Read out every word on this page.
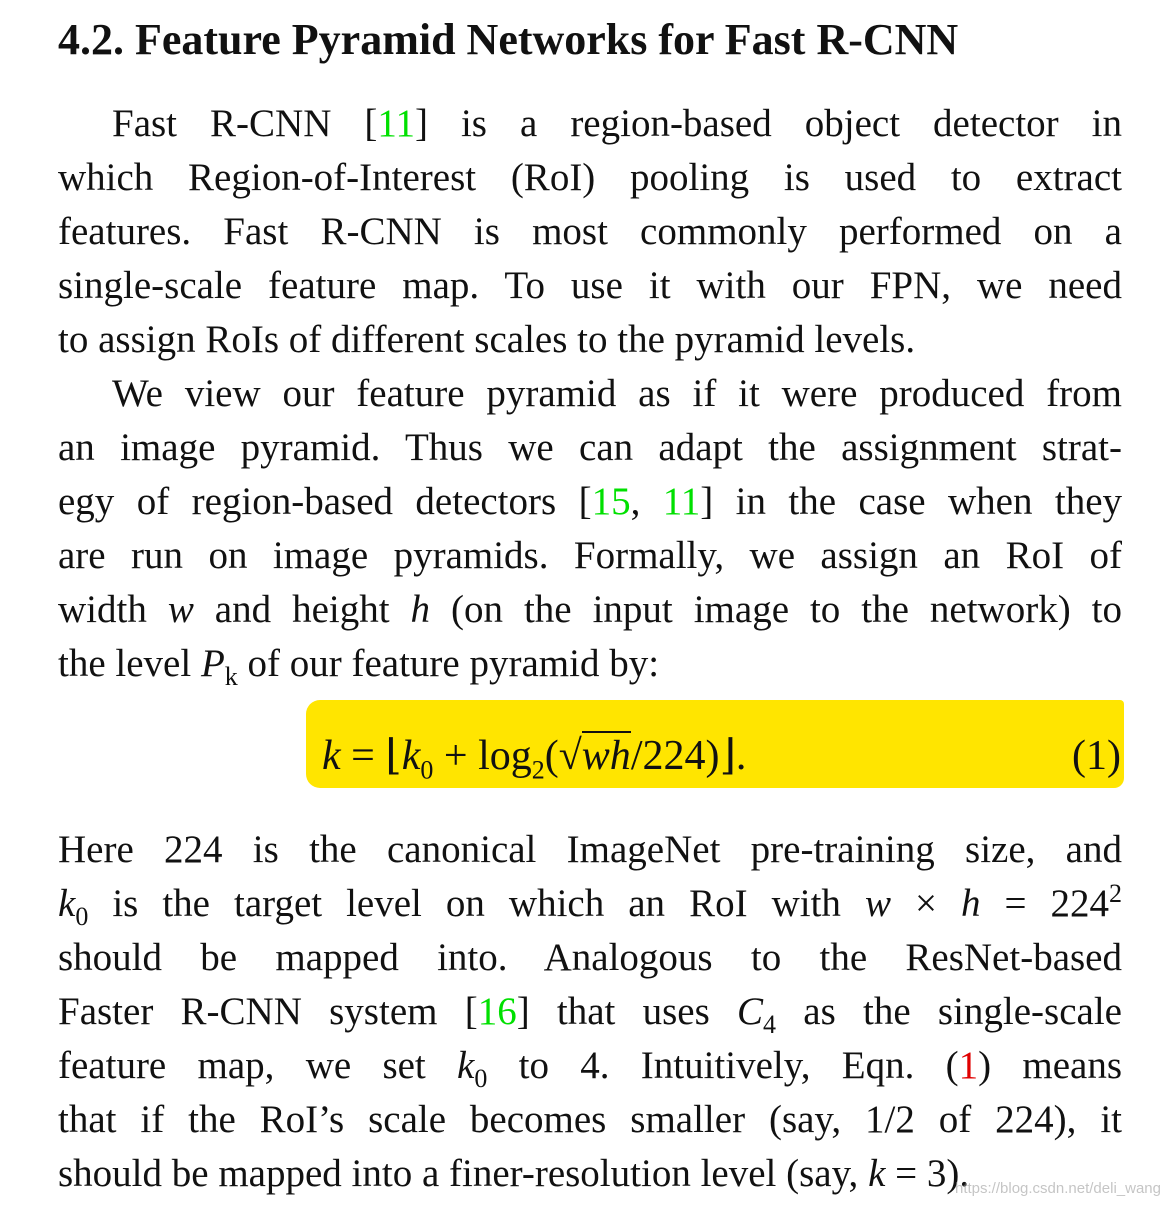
4.2. Feature Pyramid Networks for Fast R-CNN
Fast R-CNN [11] is a region-based object detector in
which Region-of-Interest (RoI) pooling is used to extract
features. Fast R-CNN is most commonly performed on a
single-scale feature map. To use it with our FPN, we need
to assign RoIs of different scales to the pyramid levels.
We view our feature pyramid as if it were produced from
an image pyramid. Thus we can adapt the assignment strat-
egy of region-based detectors [15, 11] in the case when they
are run on image pyramids. Formally, we assign an RoI of
width w and height h (on the input image to the network) to
the level $P_k$ of our feature pyramid by:
Here 224 is the canonical ImageNet pre-training size, and
$k_0$ is the target level on which an RoI with $w \times h = 224^2$
should be mapped into. Analogous to the ResNet-based
Faster R-CNN system [16] that uses $C_4$ as the single-scale
feature map, we set $k_0$ to 4. Intuitively, Eqn. (1) means
that if the RoI’s scale becomes smaller (say, 1/2 of 224), it
should be mapped into a finer-resolution level (say, k = 3).
$k = ⌊k_0$ + $\log_2(√wh/224)⌋$.	(1)
https://blog.csdn.net/deli_wang
